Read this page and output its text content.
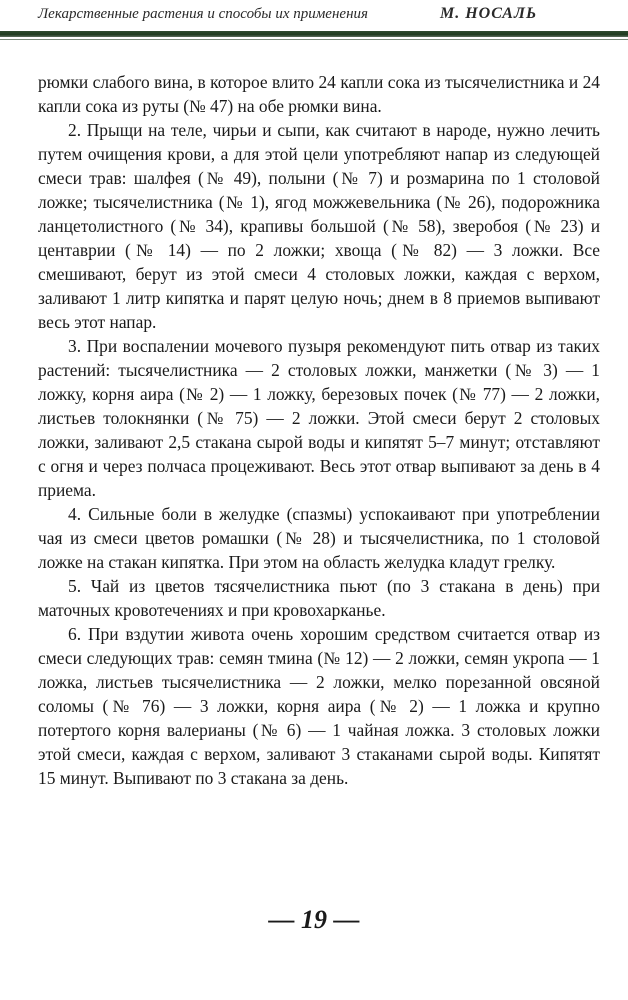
Лекарственные растения и способы их применения	М. НОСАЛЬ

рюмки слабого вина, в которое влито 24 капли сока из тысячелистника и 24 капли сока из руты (№ 47) на обе рюмки вина.

2. Прыщи на теле, чирьи и сыпи, как считают в народе, нужно лечить путем очищения крови, а для этой цели употребляют напар из следующей смеси трав: шалфея (№ 49), полыни (№ 7) и розмарина по 1 столовой ложке; тысячелистника (№ 1), ягод можжевельника (№ 26), подорожника ланцетолистного (№ 34), крапивы большой (№ 58), зверобоя (№ 23) и центаврии (№ 14) — по 2 ложки; хвоща (№ 82) — 3 ложки. Все смешивают, берут из этой смеси 4 столовых ложки, каждая с верхом, заливают 1 литр кипятка и парят целую ночь; днем в 8 приемов выпивают весь этот напар.

3. При воспалении мочевого пузыря рекомендуют пить отвар из таких растений: тысячелистника — 2 столовых ложки, манжетки (№ 3) — 1 ложку, корня аира (№ 2) — 1 ложку, березовых почек (№ 77) — 2 ложки, листьев толокнянки (№ 75) — 2 ложки. Этой смеси берут 2 столовых ложки, заливают 2,5 стакана сырой воды и кипятят 5–7 минут; отставляют с огня и через полчаса процеживают. Весь этот отвар выпивают за день в 4 приема.

4. Сильные боли в желудке (спазмы) успокаивают при употреблении чая из смеси цветов ромашки (№ 28) и тысячелистника, по 1 столовой ложке на стакан кипятка. При этом на область желудка кладут грелку.

5. Чай из цветов тясячелистника пьют (по 3 стакана в день) при маточных кровотечениях и при кровохарканье.

6. При вздутии живота очень хорошим средством считается отвар из смеси следующих трав: семян тмина (№ 12) — 2 ложки, семян укропа — 1 ложка, листьев тысячелистника — 2 ложки, мелко порезанной овсяной соломы (№ 76) — 3 ложки, корня аира (№ 2) — 1 ложка и крупно потертого корня валерианы (№ 6) — 1 чайная ложка. 3 столовых ложки этой смеси, каждая с верхом, заливают 3 стаканами сырой воды. Кипятят 15 минут. Выпивают по 3 стакана за день.

— 19 —
